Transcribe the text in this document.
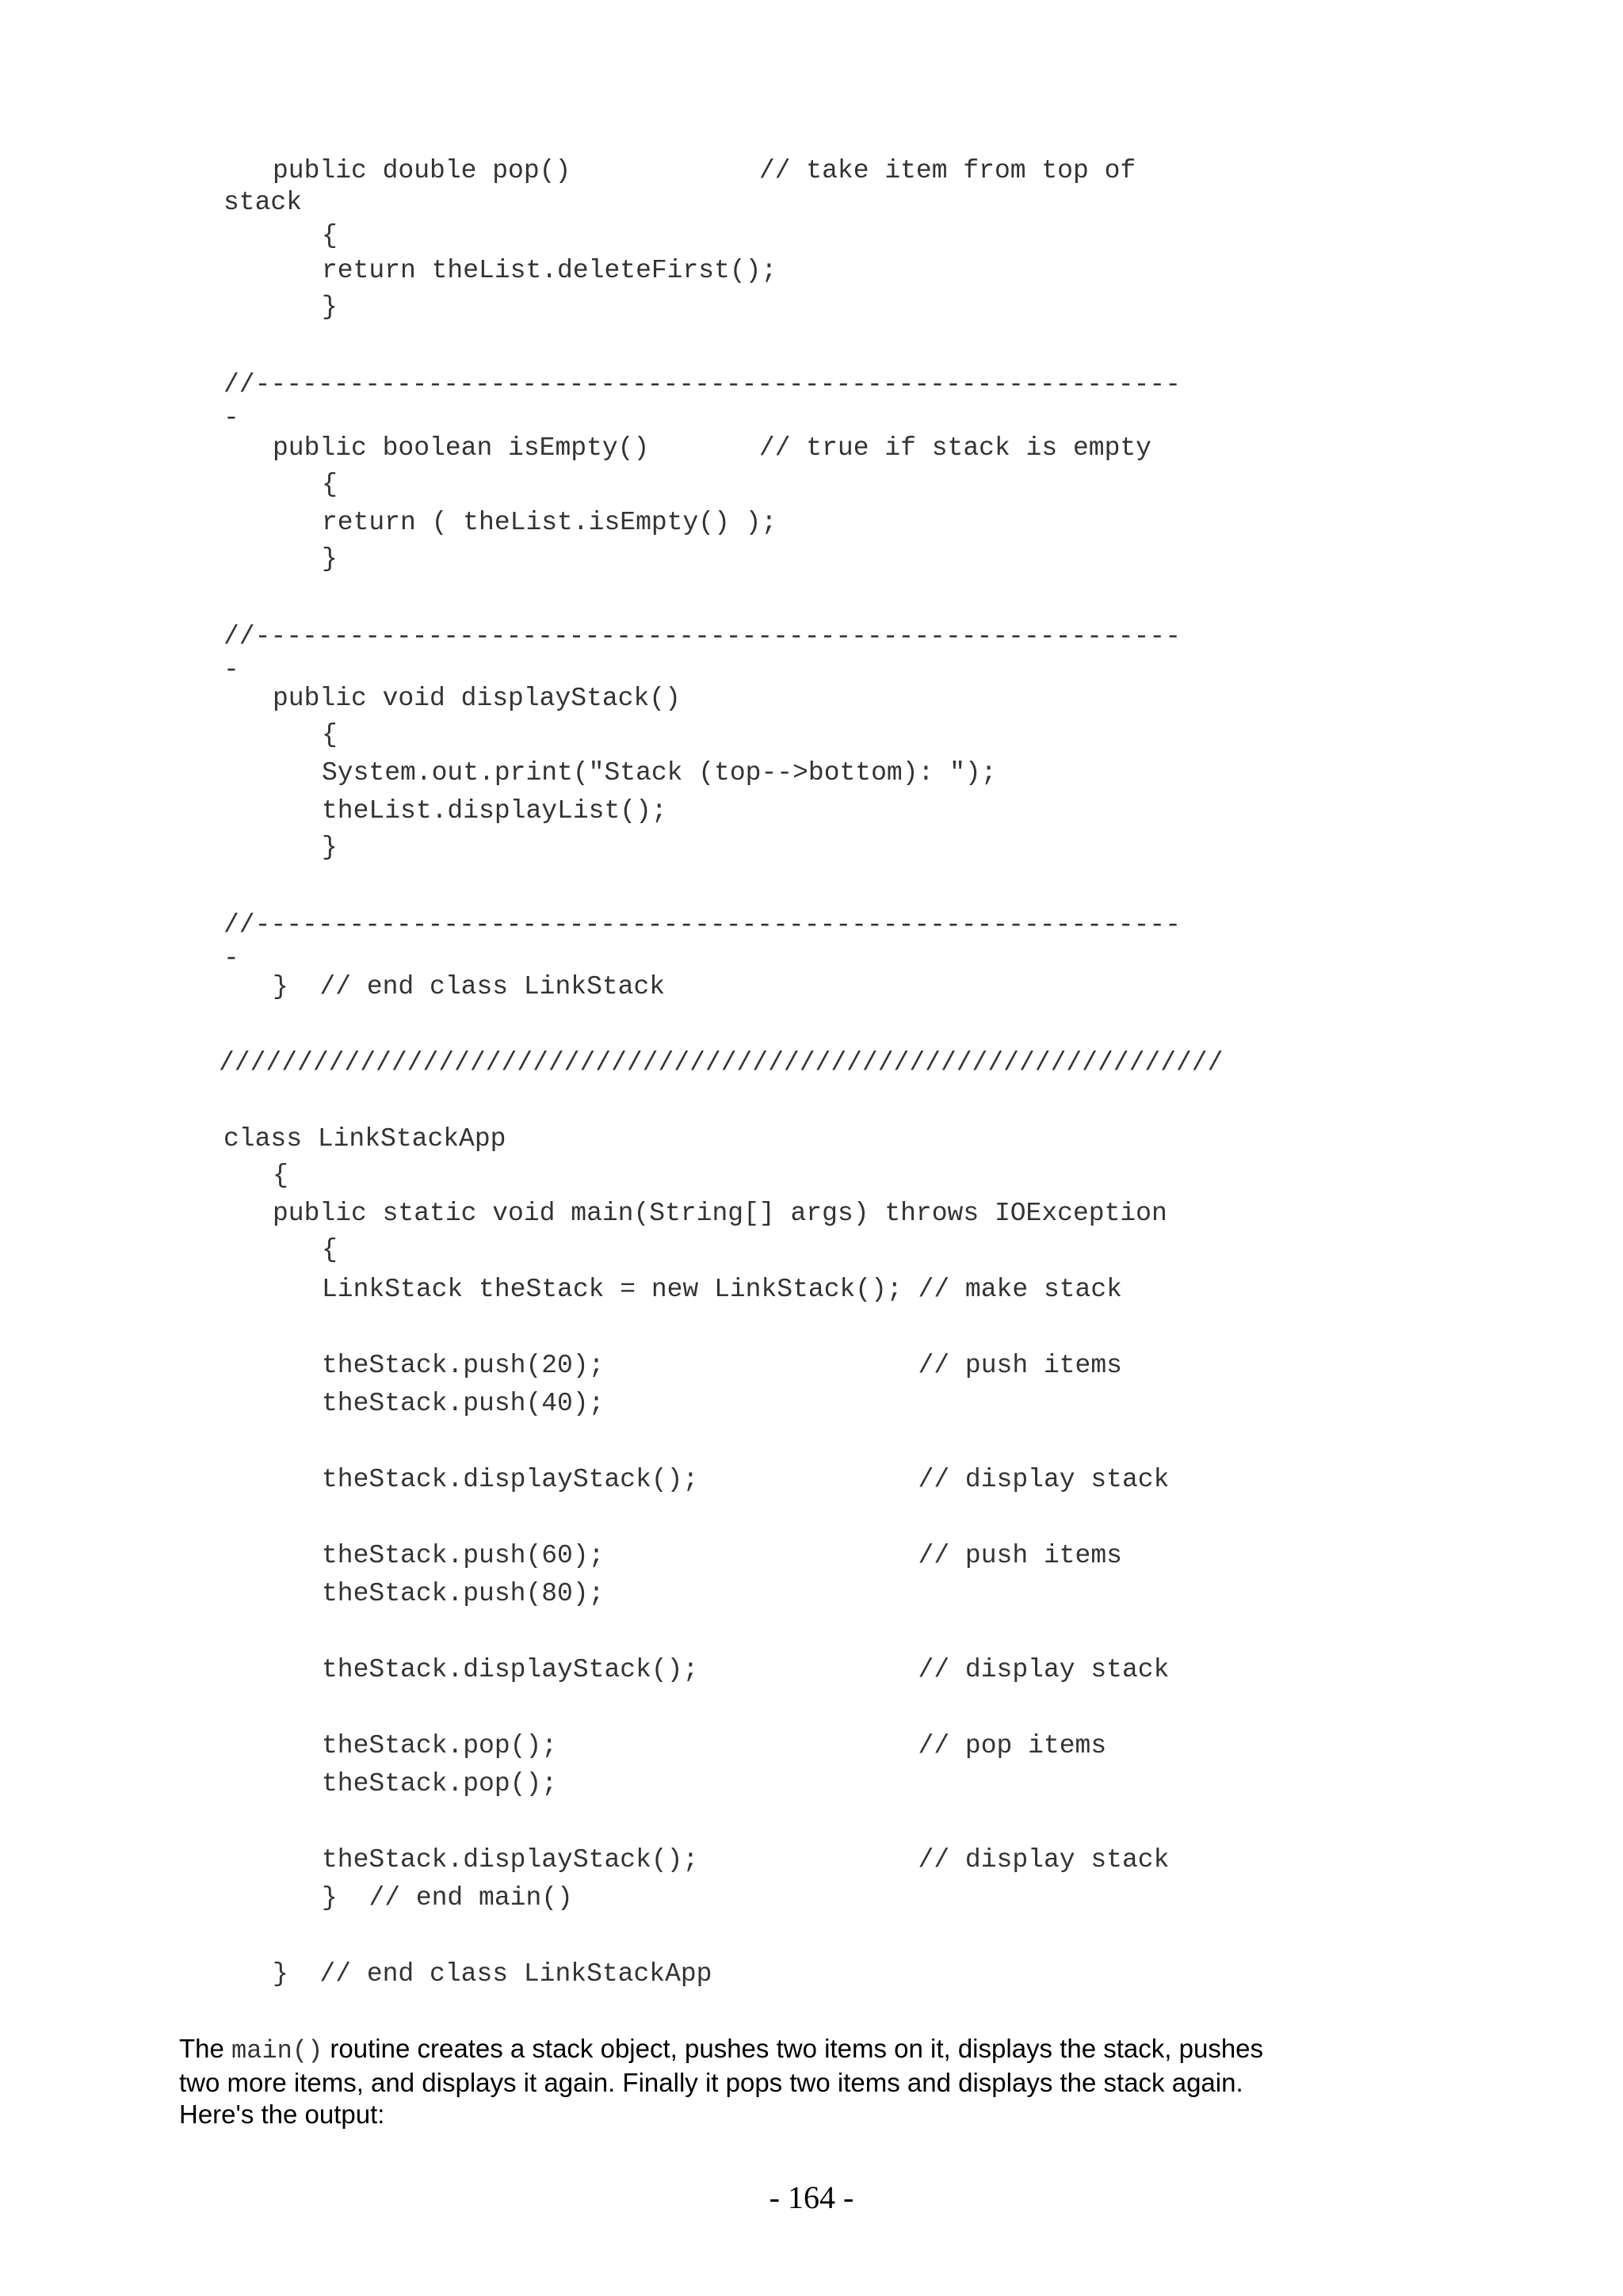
public double pop()            // take item from top of
stack
{
return theList.deleteFirst();
}
//-----------------------------------------------------------
-
public boolean isEmpty()       // true if stack is empty
{
return ( theList.isEmpty() );
}
//-----------------------------------------------------------
-
public void displayStack()
{
System.out.print("Stack (top-->bottom): ");
theList.displayList();
}
//-----------------------------------------------------------
-
}  // end class LinkStack
////////////////////////////////////////////////////////////////
class LinkStackApp
{
public static void main(String[] args) throws IOException
{
LinkStack theStack = new LinkStack(); // make stack
theStack.push(20);                    // push items
theStack.push(40);
theStack.displayStack();              // display stack
theStack.push(60);                    // push items
theStack.push(80);
theStack.displayStack();              // display stack
theStack.pop();                       // pop items
theStack.pop();
theStack.displayStack();              // display stack
}  // end main()
}  // end class LinkStackApp

The main() routine creates a stack object, pushes two items on it, displays the stack, pushes two more items, and displays it again. Finally it pops two items and displays the stack again. Here's the output:

- 164 -
